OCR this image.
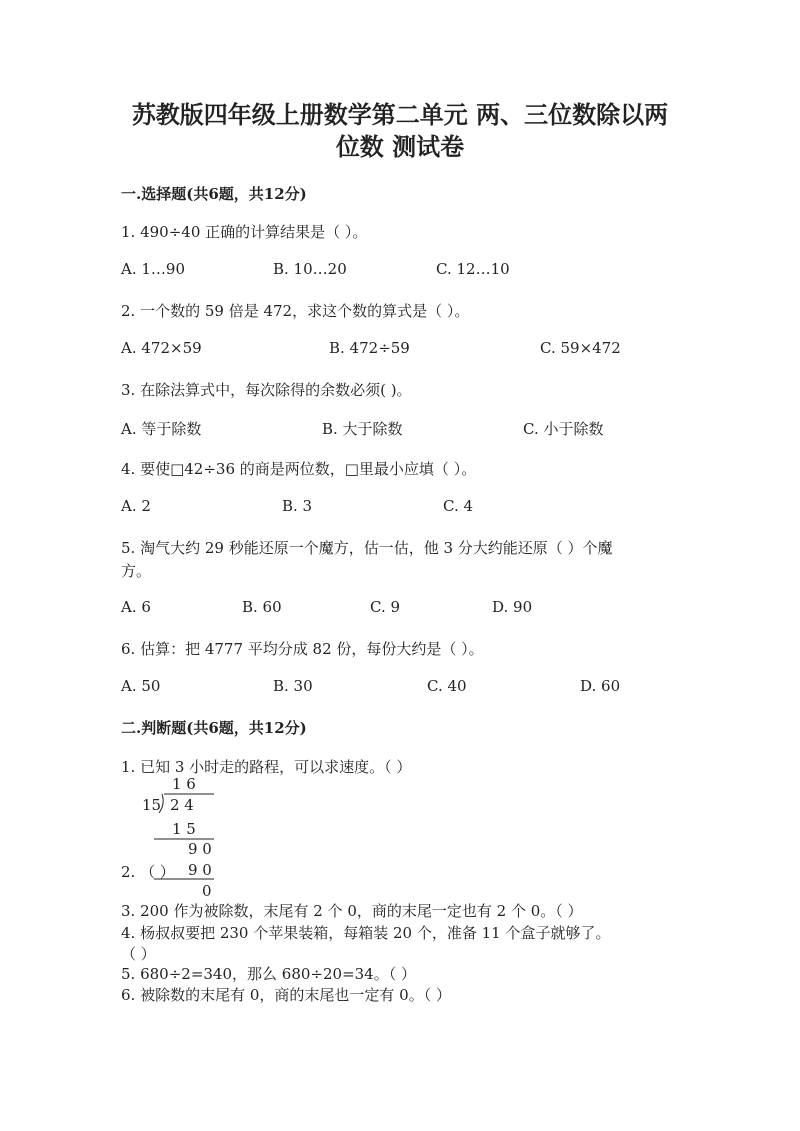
苏教版四年级上册数学第二单元 两、三位数除以两
位数 测试卷
一.选择题(共6题，共12分)
1. 490÷40 正确的计算结果是（ ）。
A. 1…90	B. 10…20	C. 12…10
2. 一个数的 59 倍是 472，求这个数的算式是（ ）。
A. 472×59	B. 472÷59	C. 59×472
3. 在除法算式中，每次除得的余数必须( )。
A. 等于除数	B. 大于除数	C. 小于除数
4. 要使□42÷36 的商是两位数，□里最小应填（ ）。
A. 2	B. 3	C. 4
5. 淘气大约 29 秒能还原一个魔方，估一估，他 3 分大约能还原（ ）个魔
方。
A. 6	B. 60	C. 9	D. 90
6. 估算：把 4777 平均分成 82 份，每份大约是（ ）。
A. 50	B. 30	C. 40	D. 60
二.判断题(共6题，共12分)
1. 已知 3 小时走的路程，可以求速度。（ ）
1 6
15 2 4
1 5
9 0
9 0
0
2. （ ）
3. 200 作为被除数，末尾有 2 个 0，商的末尾一定也有 2 个 0。（ ）
4. 杨叔叔要把 230 个苹果装箱，每箱装 20 个，准备 11 个盒子就够了。
（ ）
5. 680÷2=340，那么 680÷20=34。（ ）
6. 被除数的末尾有 0，商的末尾也一定有 0。（ ）
